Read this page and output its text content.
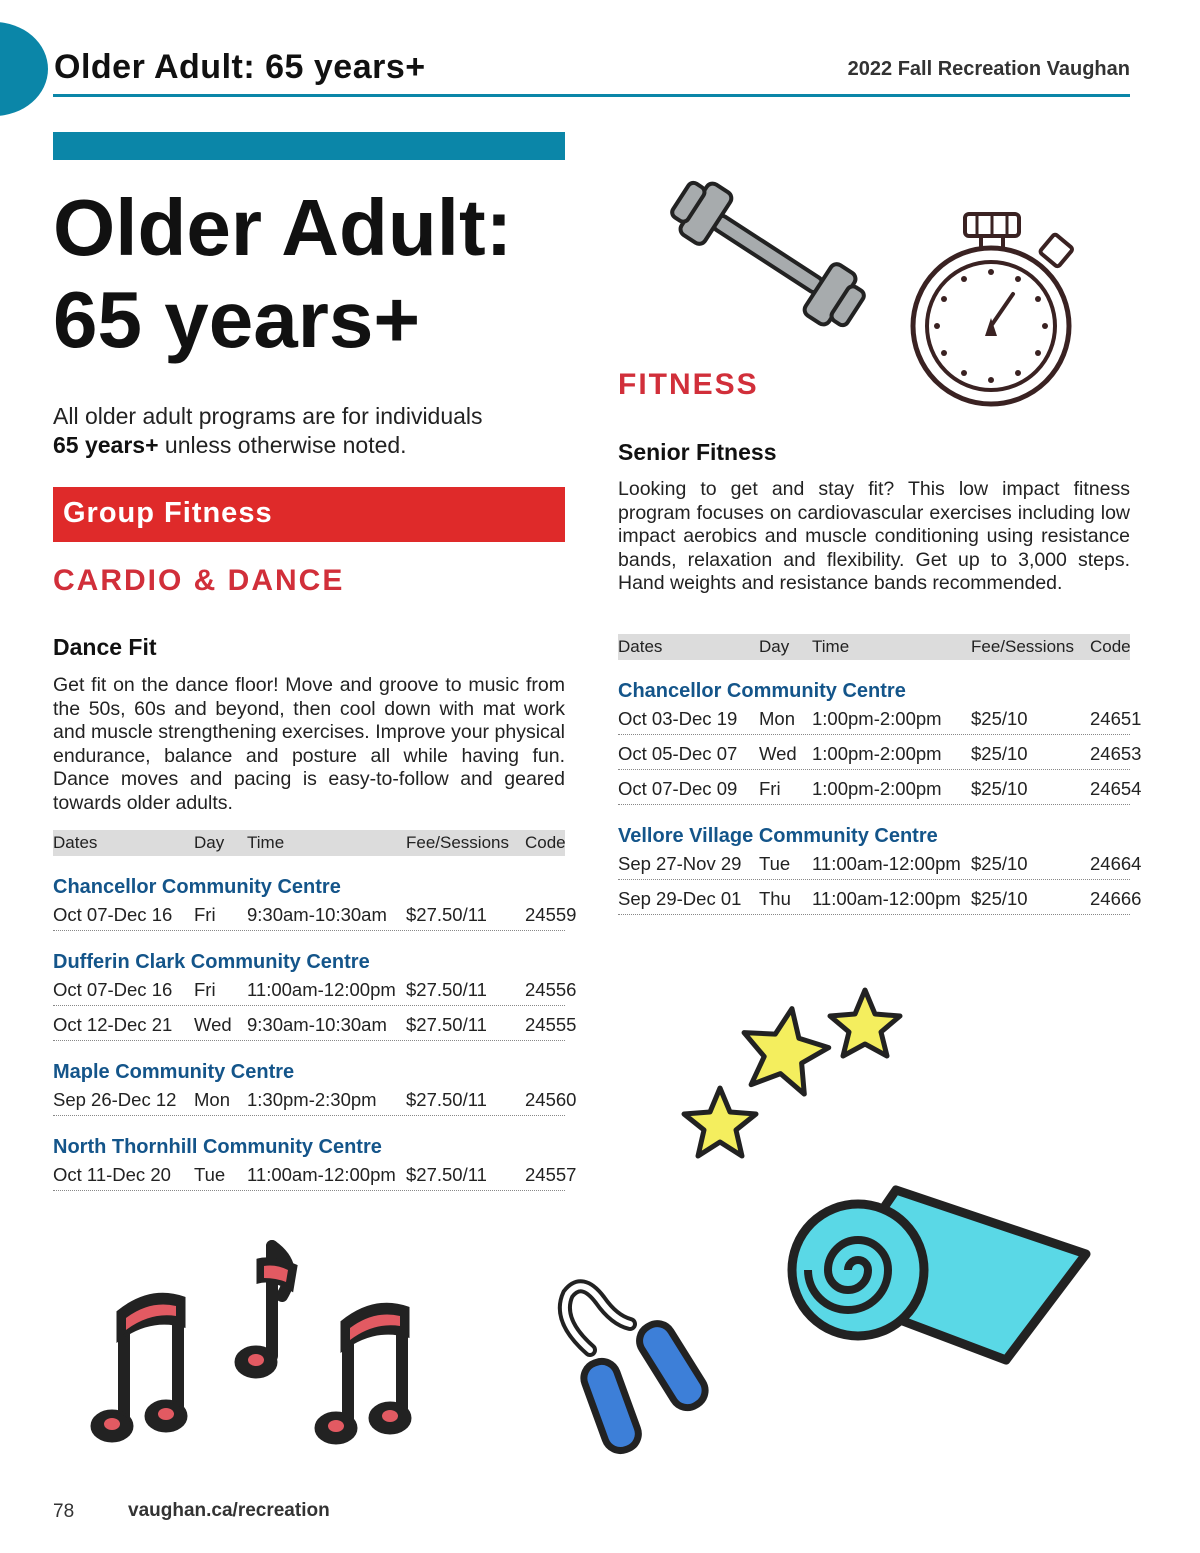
Older Adult: 65 years+	2022 Fall Recreation Vaughan
Older Adult:
65 years+
All older adult programs are for individuals
65 years+ unless otherwise noted.
Group Fitness
CARDIO & DANCE
Dance Fit
Get fit on the dance floor! Move and groove to music from the 50s, 60s and beyond, then cool down with mat work and muscle strengthening exercises. Improve your physical endurance, balance and posture all while having fun. Dance moves and pacing is easy-to-follow and geared towards older adults.
Dates	Day	Time	Fee/Sessions Code
Chancellor Community Centre
Oct 07-Dec 16	Fri	9:30am-10:30am	$27.50/11	24559
Dufferin Clark Community Centre
Oct 07-Dec 16	Fri	11:00am-12:00pm $27.50/11	24556
Oct 12-Dec 21	Wed 9:30am-10:30am	$27.50/11	24555
Maple Community Centre
Sep 26-Dec 12 Mon 1:30pm-2:30pm	$27.50/11	24560
North Thornhill Community Centre
Oct 11-Dec 20	Tue	11:00am-12:00pm $27.50/11	24557
FITNESS
Senior Fitness
Looking to get and stay fit? This low impact fitness program focuses on cardiovascular exercises including low impact aerobics and muscle conditioning using resistance bands, relaxation and flexibility. Get up to 3,000 steps. Hand weights and resistance bands recommended.
Dates	Day	Time	Fee/Sessions Code
Chancellor Community Centre
Oct 03-Dec 19	Mon 1:00pm-2:00pm	$25/10	24651
Oct 05-Dec 07	Wed 1:00pm-2:00pm	$25/10	24653
Oct 07-Dec 09	Fri	1:00pm-2:00pm	$25/10	24654
Vellore Village Community Centre
Sep 27-Nov 29 Tue	11:00am-12:00pm $25/10	24664
Sep 29-Dec 01 Thu	11:00am-12:00pm $25/10	24666
78	vaughan.ca/recreation
